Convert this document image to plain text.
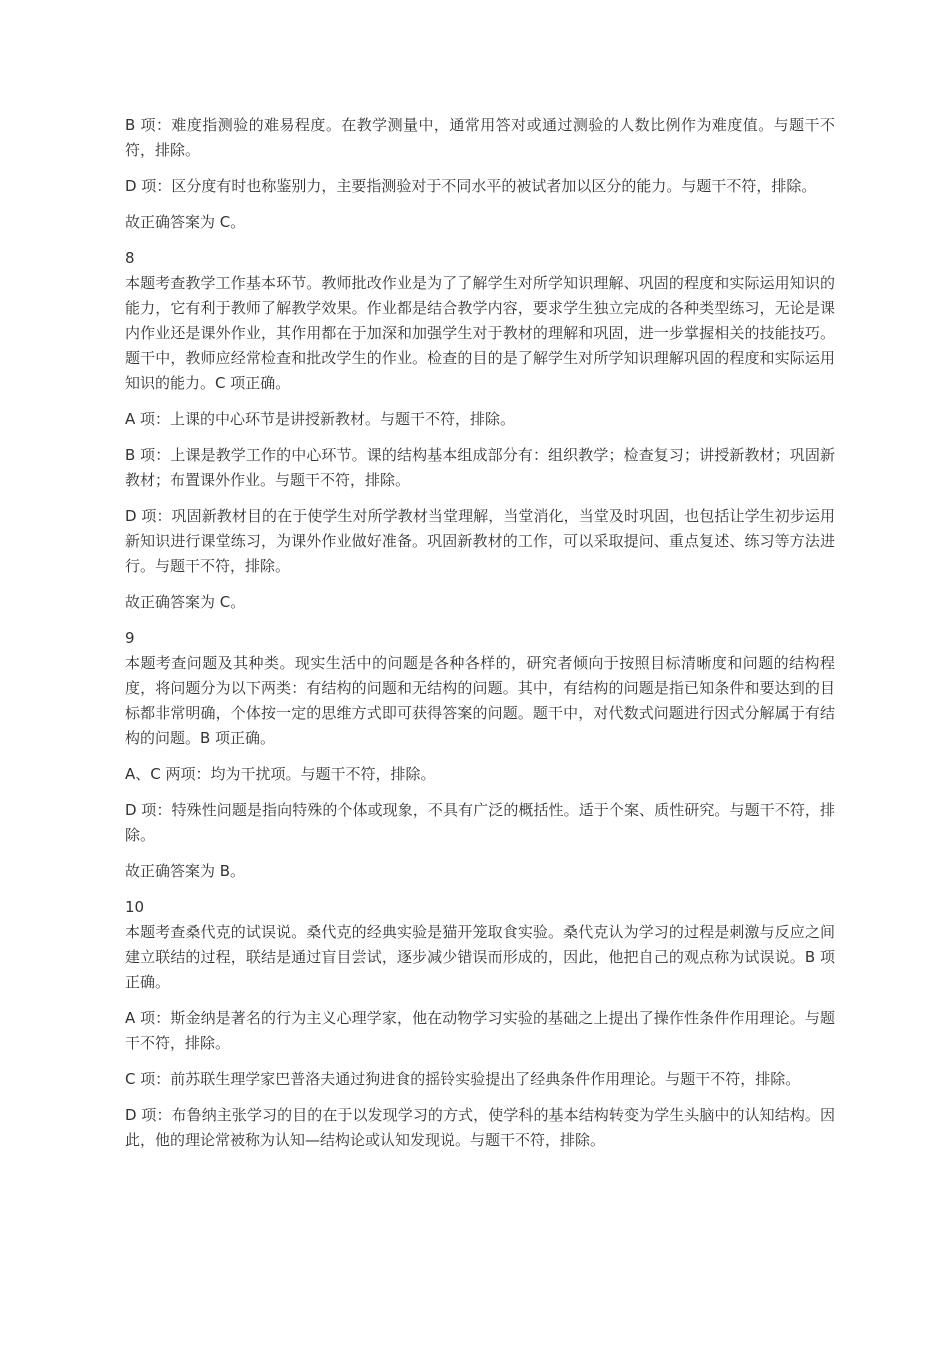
B 项：难度指测验的难易程度。在教学测量中，通常用答对或通过测验的人数比例作为难度值。与题干不符，排除。

D 项：区分度有时也称鉴别力，主要指测验对于不同水平的被试者加以区分的能力。与题干不符，排除。

故正确答案为 C。

8

本题考查教学工作基本环节。教师批改作业是为了了解学生对所学知识理解、巩固的程度和实际运用知识的能力，它有利于教师了解教学效果。作业都是结合教学内容，要求学生独立完成的各种类型练习，无论是课内作业还是课外作业，其作用都在于加深和加强学生对于教材的理解和巩固，进一步掌握相关的技能技巧。题干中，教师应经常检查和批改学生的作业。检查的目的是了解学生对所学知识理解巩固的程度和实际运用知识的能力。C 项正确。

A 项：上课的中心环节是讲授新教材。与题干不符，排除。

B 项：上课是教学工作的中心环节。课的结构基本组成部分有：组织教学；检查复习；讲授新教材；巩固新教材；布置课外作业。与题干不符，排除。

D 项：巩固新教材目的在于使学生对所学教材当堂理解，当堂消化，当堂及时巩固，也包括让学生初步运用新知识进行课堂练习，为课外作业做好准备。巩固新教材的工作，可以采取提问、重点复述、练习等方法进行。与题干不符，排除。

故正确答案为 C。

9

本题考查问题及其种类。现实生活中的问题是各种各样的，研究者倾向于按照目标清晰度和问题的结构程度，将问题分为以下两类：有结构的问题和无结构的问题。其中，有结构的问题是指已知条件和要达到的目标都非常明确，个体按一定的思维方式即可获得答案的问题。题干中，对代数式问题进行因式分解属于有结构的问题。B 项正确。

A、C 两项：均为干扰项。与题干不符，排除。

D 项：特殊性问题是指向特殊的个体或现象，不具有广泛的概括性。适于个案、质性研究。与题干不符，排除。

故正确答案为 B。

10

本题考查桑代克的试误说。桑代克的经典实验是猫开笼取食实验。桑代克认为学习的过程是刺激与反应之间建立联结的过程，联结是通过盲目尝试，逐步减少错误而形成的，因此，他把自己的观点称为试误说。B 项正确。

A 项：斯金纳是著名的行为主义心理学家，他在动物学习实验的基础之上提出了操作性条件作用理论。与题干不符，排除。

C 项：前苏联生理学家巴普洛夫通过狗进食的摇铃实验提出了经典条件作用理论。与题干不符，排除。

D 项：布鲁纳主张学习的目的在于以发现学习的方式，使学科的基本结构转变为学生头脑中的认知结构。因此，他的理论常被称为认知—结构论或认知发现说。与题干不符，排除。
